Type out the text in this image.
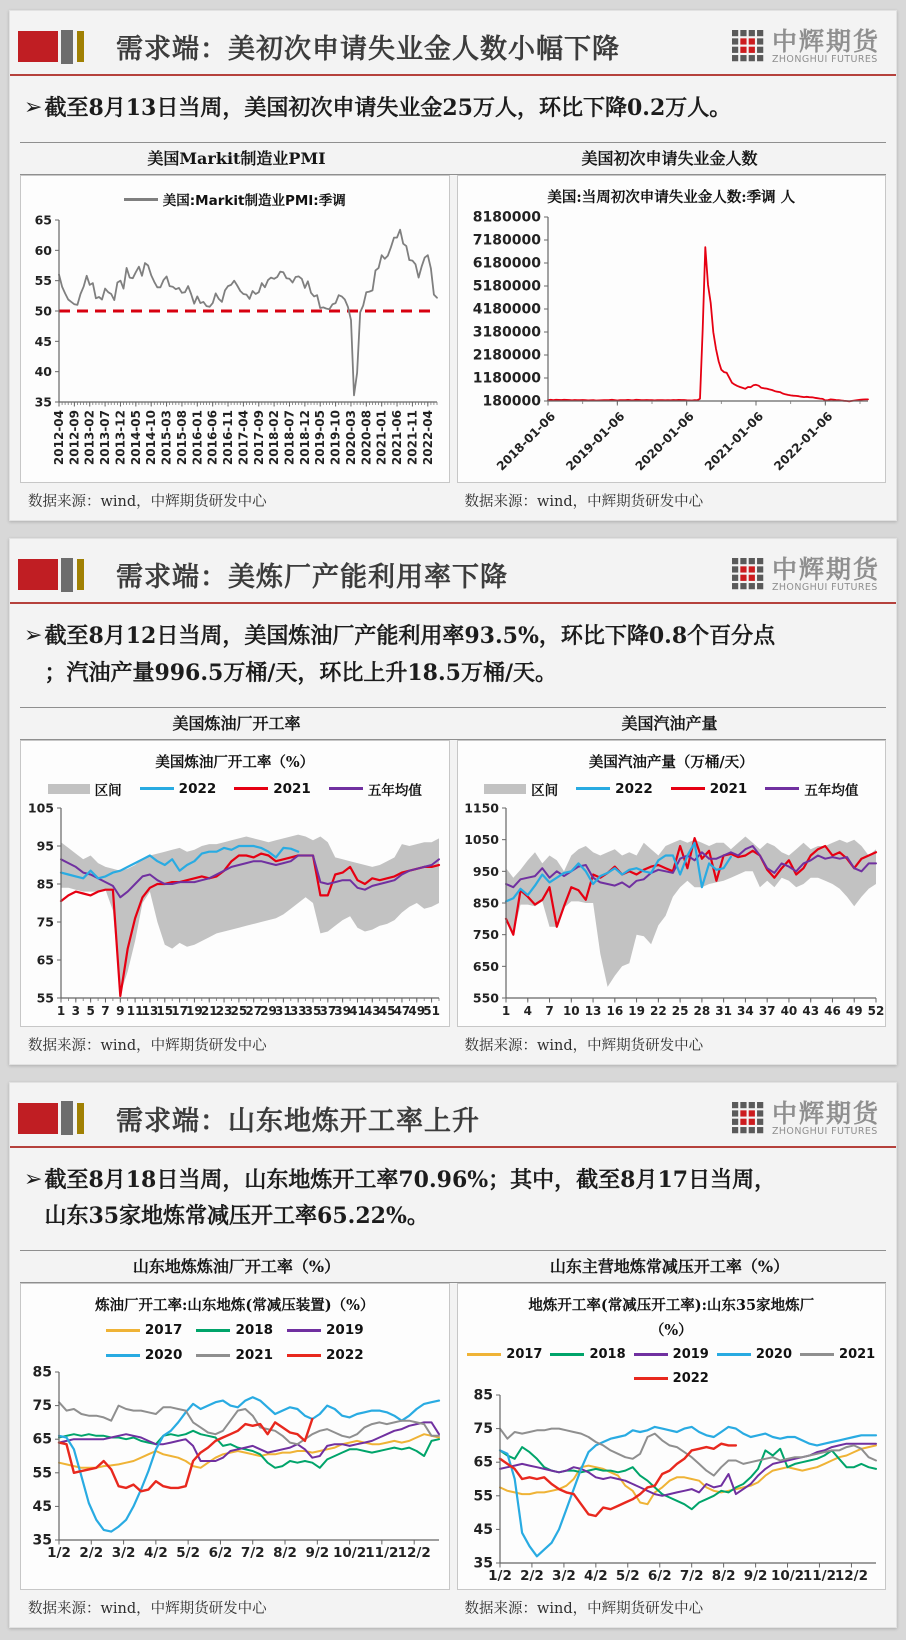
需求端：美初次申请失业金人数小幅下降	中辉期货
ZHONGHUI FUTURES
➢ 截至8月13日当周，美国初次申请失业金25万人，环比下降0.2万人。
美国Markit制造业PMI	美国初次申请失业金人数
美国:Markit制造业PMI:季调
35
40
45
50
55
60
65
2012-04 2012-09 2013-02 2013-07 2013-12 2014-05 2014-10 2015-03 2015-08 2016-01 2016-06 2016-11 2017-04 2017-09 2018-02 2018-07 2018-12 2019-05 2019-10 2020-03 2020-08 2021-01 2021-06 2021-11 2022-04
数据来源：wind，中辉期货研发中心
美国:当周初次申请失业金人数:季调 人
180000
1180000
2180000
3180000
4180000
5180000
6180000
7180000
8180000
2018-01-06 2019-01-06 2020-01-06 2021-01-06 2022-01-06
数据来源：wind，中辉期货研发中心
需求端：美炼厂产能利用率下降	中辉期货
ZHONGHUI FUTURES
➢ 截至8月12日当周，美国炼油厂产能利用率93.5%，环比下降0.8个百分点
；汽油产量996.5万桶/天，环比上升18.5万桶/天。
美国炼油厂开工率	美国汽油产量
美国炼油厂开工率（%）
区间	2022	2021	五年均值
55
65
75
85
95
105
1 3 5 7 9 11
13
15
17
19
21
23
25
27
29
31
33
35
37
39
41
43
45
47
49
51
数据来源：wind，中辉期货研发中心
美国汽油产量（万桶/天）
区间	2022	2021	五年均值
550
650
750
850
950
1050
1150
1 4 7 10 13 16 19 22 25 28 31 34 37 40 43 46 49 52
数据来源：wind，中辉期货研发中心
需求端：山东地炼开工率上升	中辉期货
ZHONGHUI FUTURES
➢ 截至8月18日当周，山东地炼开工率70.96%；其中，截至8月17日当周，
山东35家地炼常减压开工率65.22%。
山东地炼炼油厂开工率（%）	山东主营地炼常减压开工率（%）
炼油厂开工率:山东地炼(常减压装置)（%）
2017	2018	2019
2020	2021	2022
35
45
55
65
75
85
1/2 2/2 3/2 4/2 5/2 6/2 7/2 8/2 9/2 10/2 11/2 12/2
数据来源：wind，中辉期货研发中心
地炼开工率(常减压开工率):山东35家地炼厂
（%）
2017	2018	2019	2020	2021
2022
35
45
55
65
75
85
1/2 2/2 3/2 4/2 5/2 6/2 7/2 8/2 9/2 10/2
11/2
12/2
数据来源：wind，中辉期货研发中心
